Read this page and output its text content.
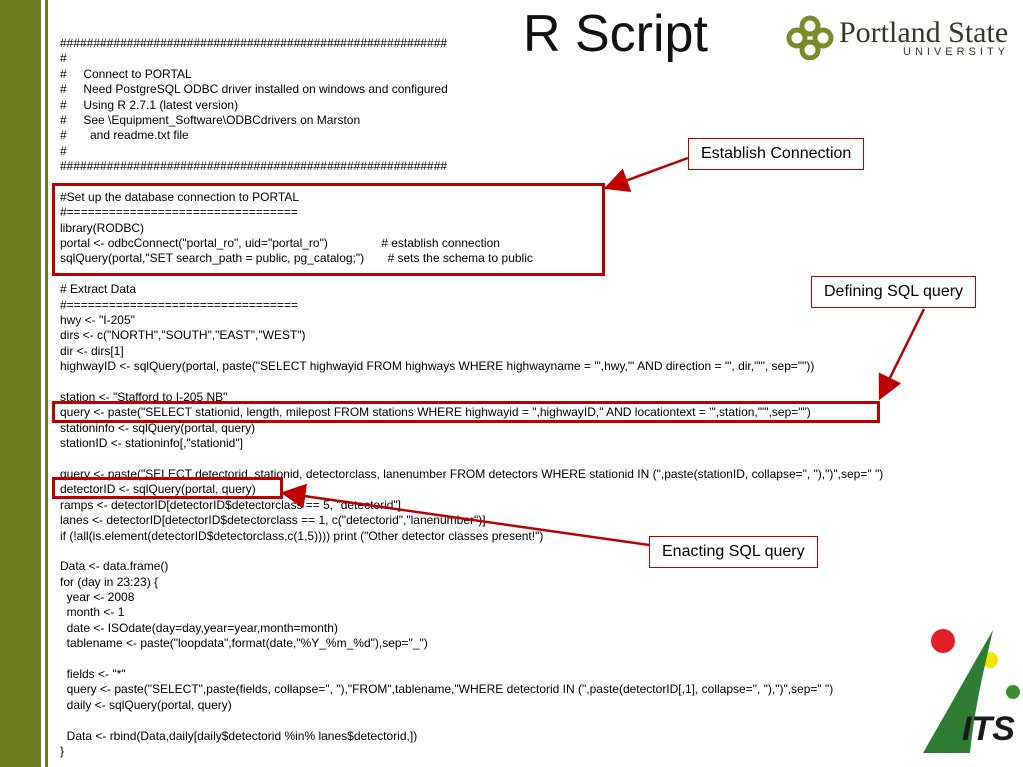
R Script	Portland State
UNIVERSITY
##########################################################
#
#     Connect to PORTAL
#     Need PostgreSQL ODBC driver installed on windows and configured
#     Using R 2.7.1 (latest version)
#     See \Equipment_Software\ODBCdrivers on Marston
#       and readme.txt file
#
##########################################################
#Set up the database connection to PORTAL
#=================================
library(RODBC)
portal <- odbcConnect("portal_ro", uid="portal_ro")                # establish connection
sqlQuery(portal,"SET search_path = public, pg_catalog;")       # sets the schema to public
# Extract Data
#=================================
hwy <- "I-205"
dirs <- c("NORTH","SOUTH","EAST","WEST")
dir <- dirs[1]
highwayID <- sqlQuery(portal, paste("SELECT highwayid FROM highways WHERE highwayname = '",hwy,"' AND direction = '", dir,"'", sep=""))
station <- "Stafford to I-205 NB"
query <- paste("SELECT stationid, length, milepost FROM stations WHERE highwayid = ",highwayID," AND locationtext = '",station,"'",sep="")
stationinfo <- sqlQuery(portal, query)
stationID <- stationinfo[,"stationid"]
query <- paste("SELECT detectorid, stationid, detectorclass, lanenumber FROM detectors WHERE stationid IN (",paste(stationID, collapse=", "),")",sep=" ")
detectorID <- sqlQuery(portal, query)
ramps <- detectorID[detectorID$detectorclass == 5, "detectorid"]
lanes <- detectorID[detectorID$detectorclass == 1, c("detectorid","lanenumber")]
if (!all(is.element(detectorID$detectorclass,c(1,5)))) print ("Other detector classes present!")
Data <- data.frame()
for (day in 23:23) {
year <- 2008
month <- 1
date <- ISOdate(day=day,year=year,month=month)
tablename <- paste("loopdata",format(date,"%Y_%m_%d"),sep="_")
fields <- "*"
query <- paste("SELECT",paste(fields, collapse=", "),"FROM",tablename,"WHERE detectorid IN (",paste(detectorID[,1], collapse=", "),")",sep=" ")
daily <- sqlQuery(portal, query)
Data <- rbind(Data,daily[daily$detectorid %in% lanes$detectorid,])
}
Establish Connection
Defining SQL query
Enacting SQL query
ITS
